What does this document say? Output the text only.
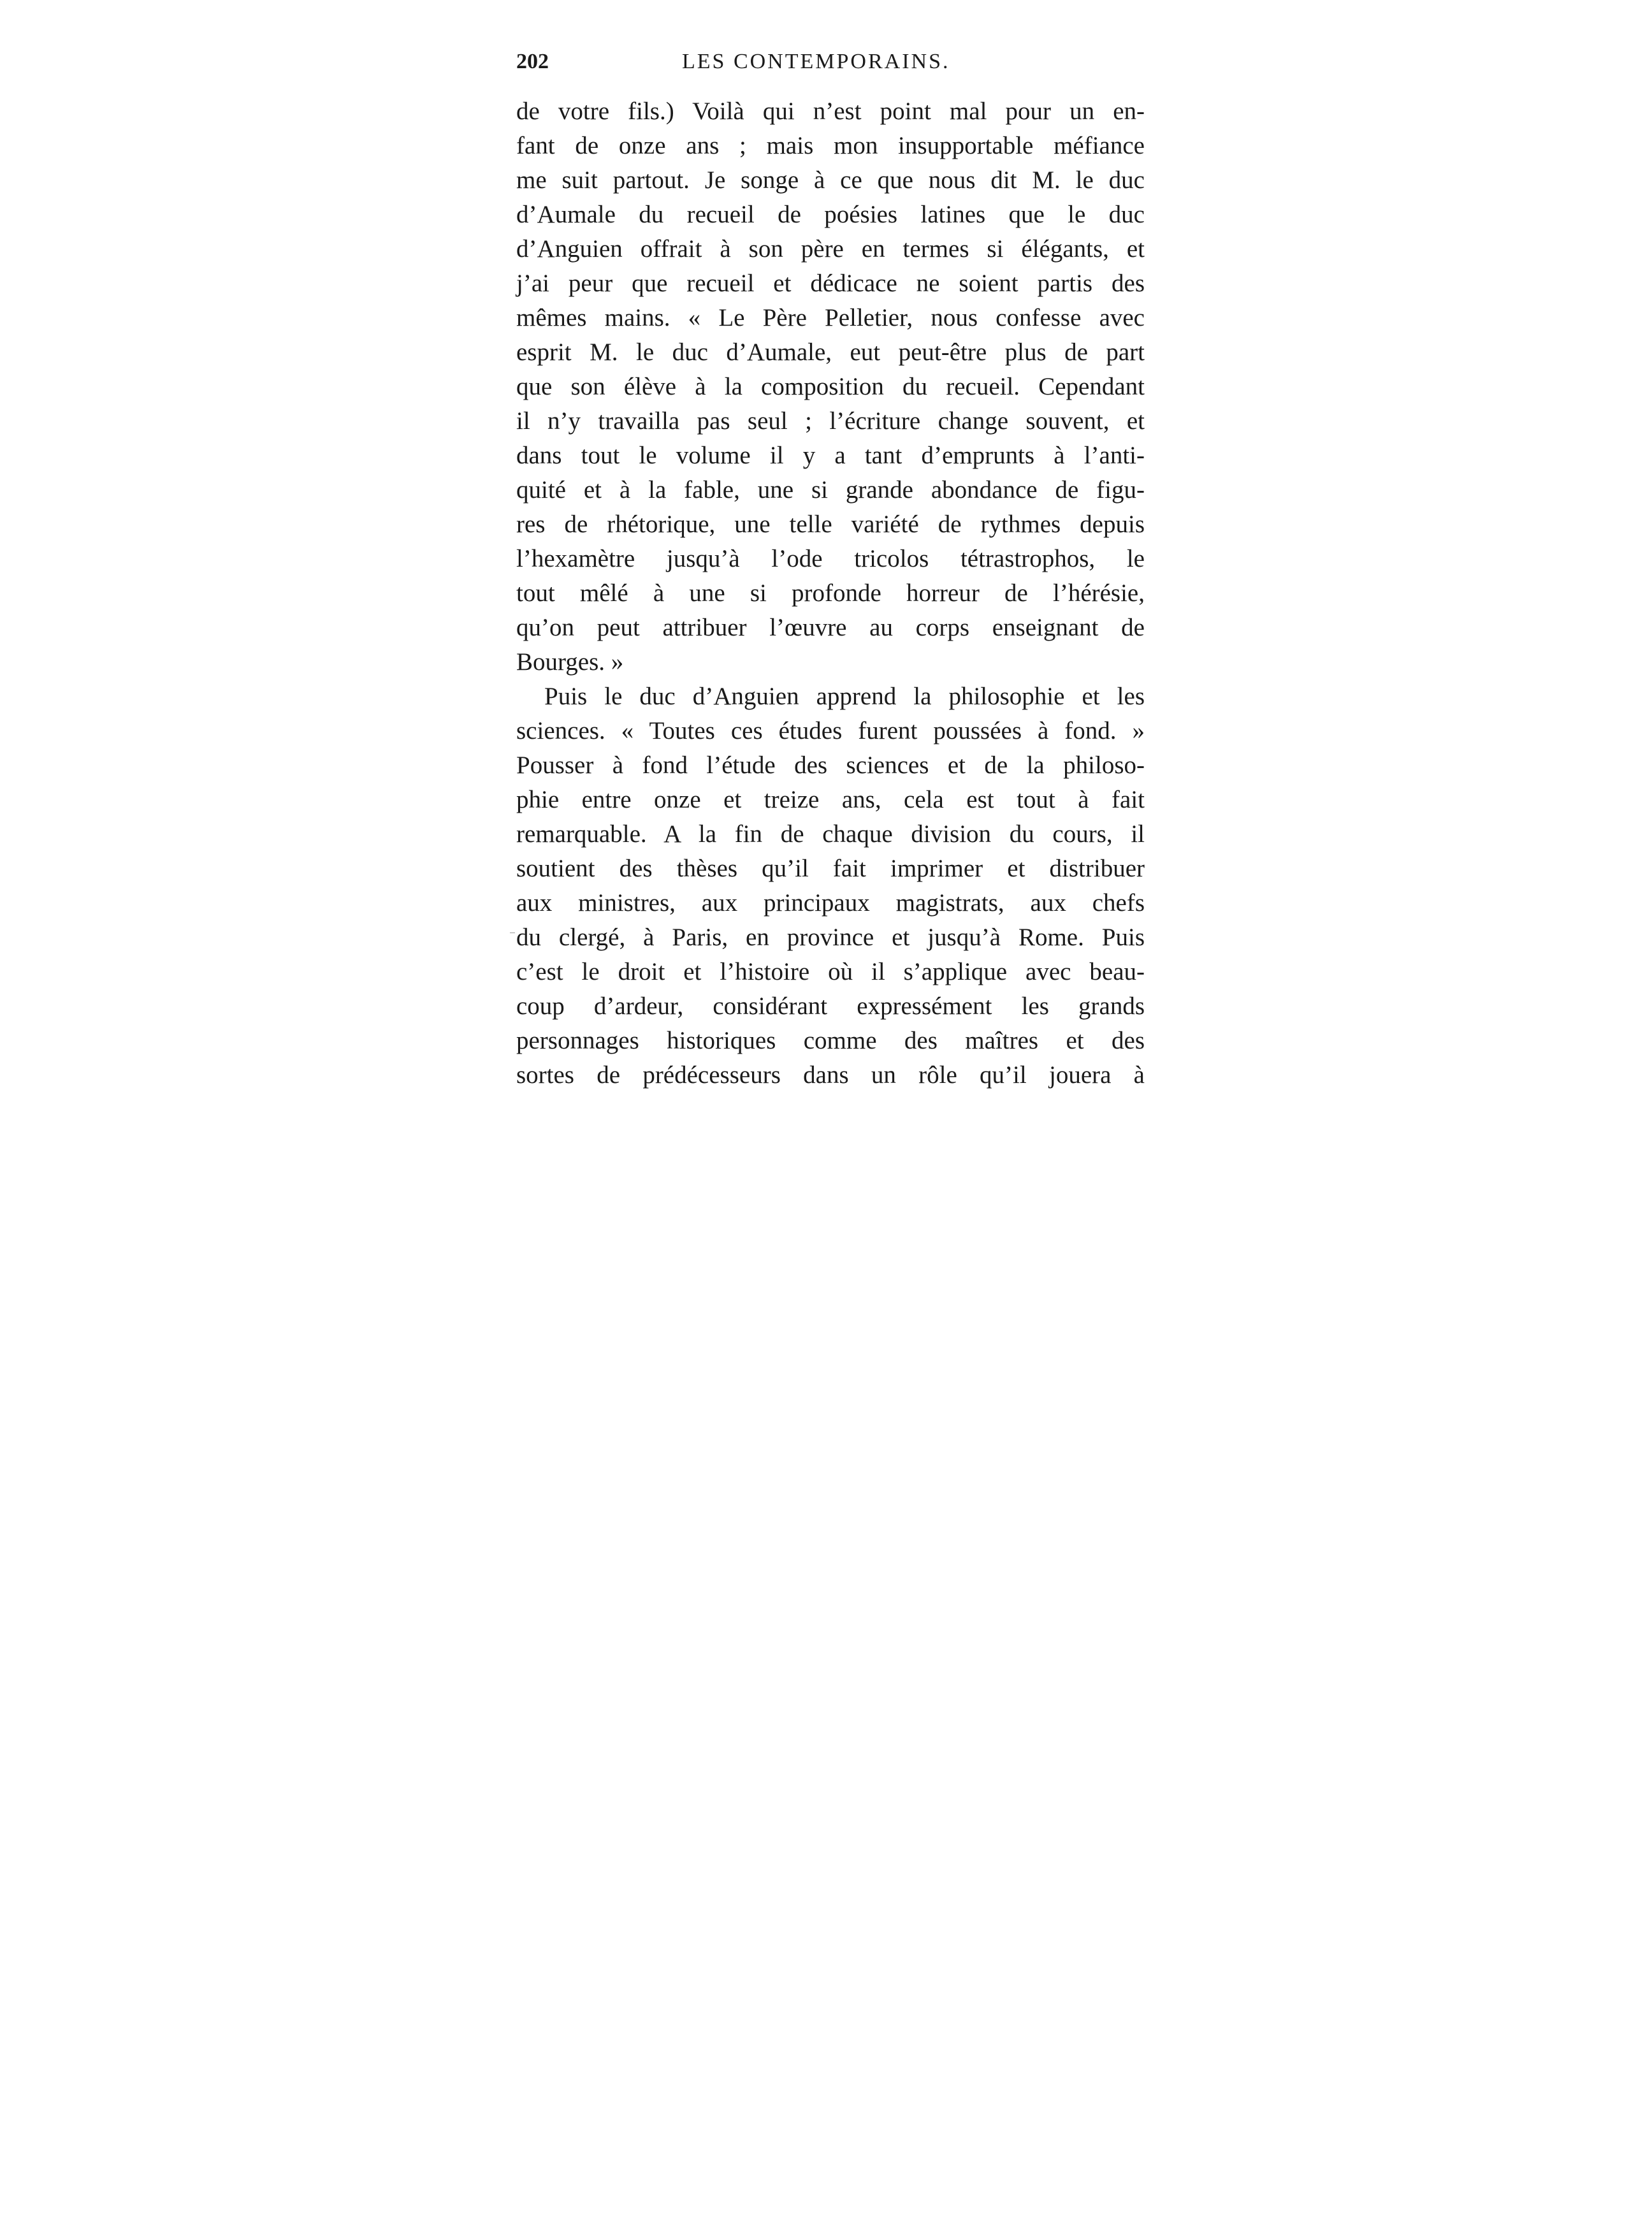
202	LES CONTEMPORAINS.
de votre fils.) Voilà qui n’est point mal pour un en-
fant de onze ans ; mais mon insupportable méfiance
me suit partout. Je songe à ce que nous dit M. le duc
d’Aumale du recueil de poésies latines que le duc
d’Anguien offrait à son père en termes si élégants, et
j’ai peur que recueil et dédicace ne soient partis des
mêmes mains. « Le Père Pelletier, nous confesse avec
esprit M. le duc d’Aumale, eut peut-être plus de part
que son élève à la composition du recueil. Cependant
il n’y travailla pas seul ; l’écriture change souvent, et
dans tout le volume il y a tant d’emprunts à l’anti-
quité et à la fable, une si grande abondance de figu-
res de rhétorique, une telle variété de rythmes depuis
l’hexamètre jusqu’à l’ode tricolos tétrastrophos, le
tout mêlé à une si profonde horreur de l’hérésie,
qu’on peut attribuer l’œuvre au corps enseignant de
Bourges. »
Puis le duc d’Anguien apprend la philosophie et les
sciences. « Toutes ces études furent poussées à fond. »
Pousser à fond l’étude des sciences et de la philoso-
phie entre onze et treize ans, cela est tout à fait
remarquable. A la fin de chaque division du cours, il
soutient des thèses qu’il fait imprimer et distribuer
aux ministres, aux principaux magistrats, aux chefs
du clergé, à Paris, en province et jusqu’à Rome. Puis
c’est le droit et l’histoire où il s’applique avec beau-
coup d’ardeur, considérant expressément les grands
personnages historiques comme des maîtres et des
sortes de prédécesseurs dans un rôle qu’il jouera à
